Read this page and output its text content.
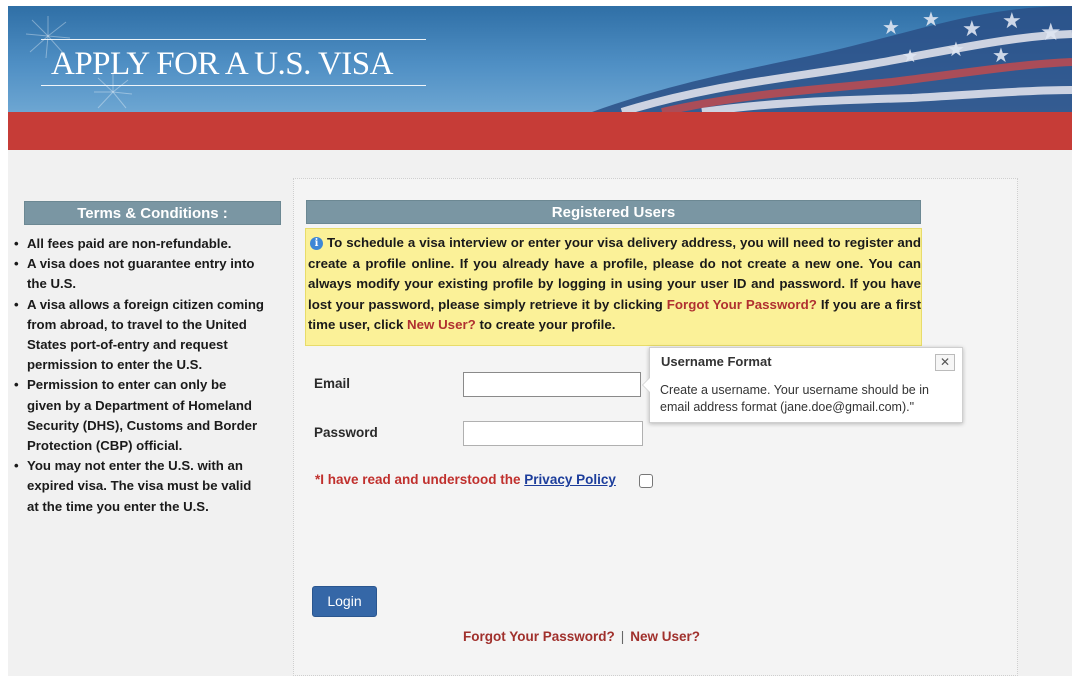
★ ★ ★ ★ ★
★ ★ ★
APPLY FOR A U.S. VISA
Terms & Conditions :
• All fees paid are non-refundable.
• A visa does not guarantee entry into the U.S.
• A visa allows a foreign citizen coming from abroad, to travel to the United States port-of-entry and request permission to enter the U.S.
• Permission to enter can only be given by a Department of Homeland Security (DHS), Customs and Border Protection (CBP) official.
• You may not enter the U.S. with an expired visa. The visa must be valid at the time you enter the U.S.
Registered Users
i To schedule a visa interview or enter your visa delivery address, you will need to register and create a profile online. If you already have a profile, please do not create a new one. You can always modify your existing profile by logging in using your user ID and password. If you have lost your password, please simply retrieve it by clicking Forgot Your Password? If you are a first time user, click New User? to create your profile.
Email
Password
Username Format	✕
Create a username. Your username should be in email address format (jane.doe@gmail.com)."
*I have read and understood the Privacy Policy
Login
Forgot Your Password? | New User?
